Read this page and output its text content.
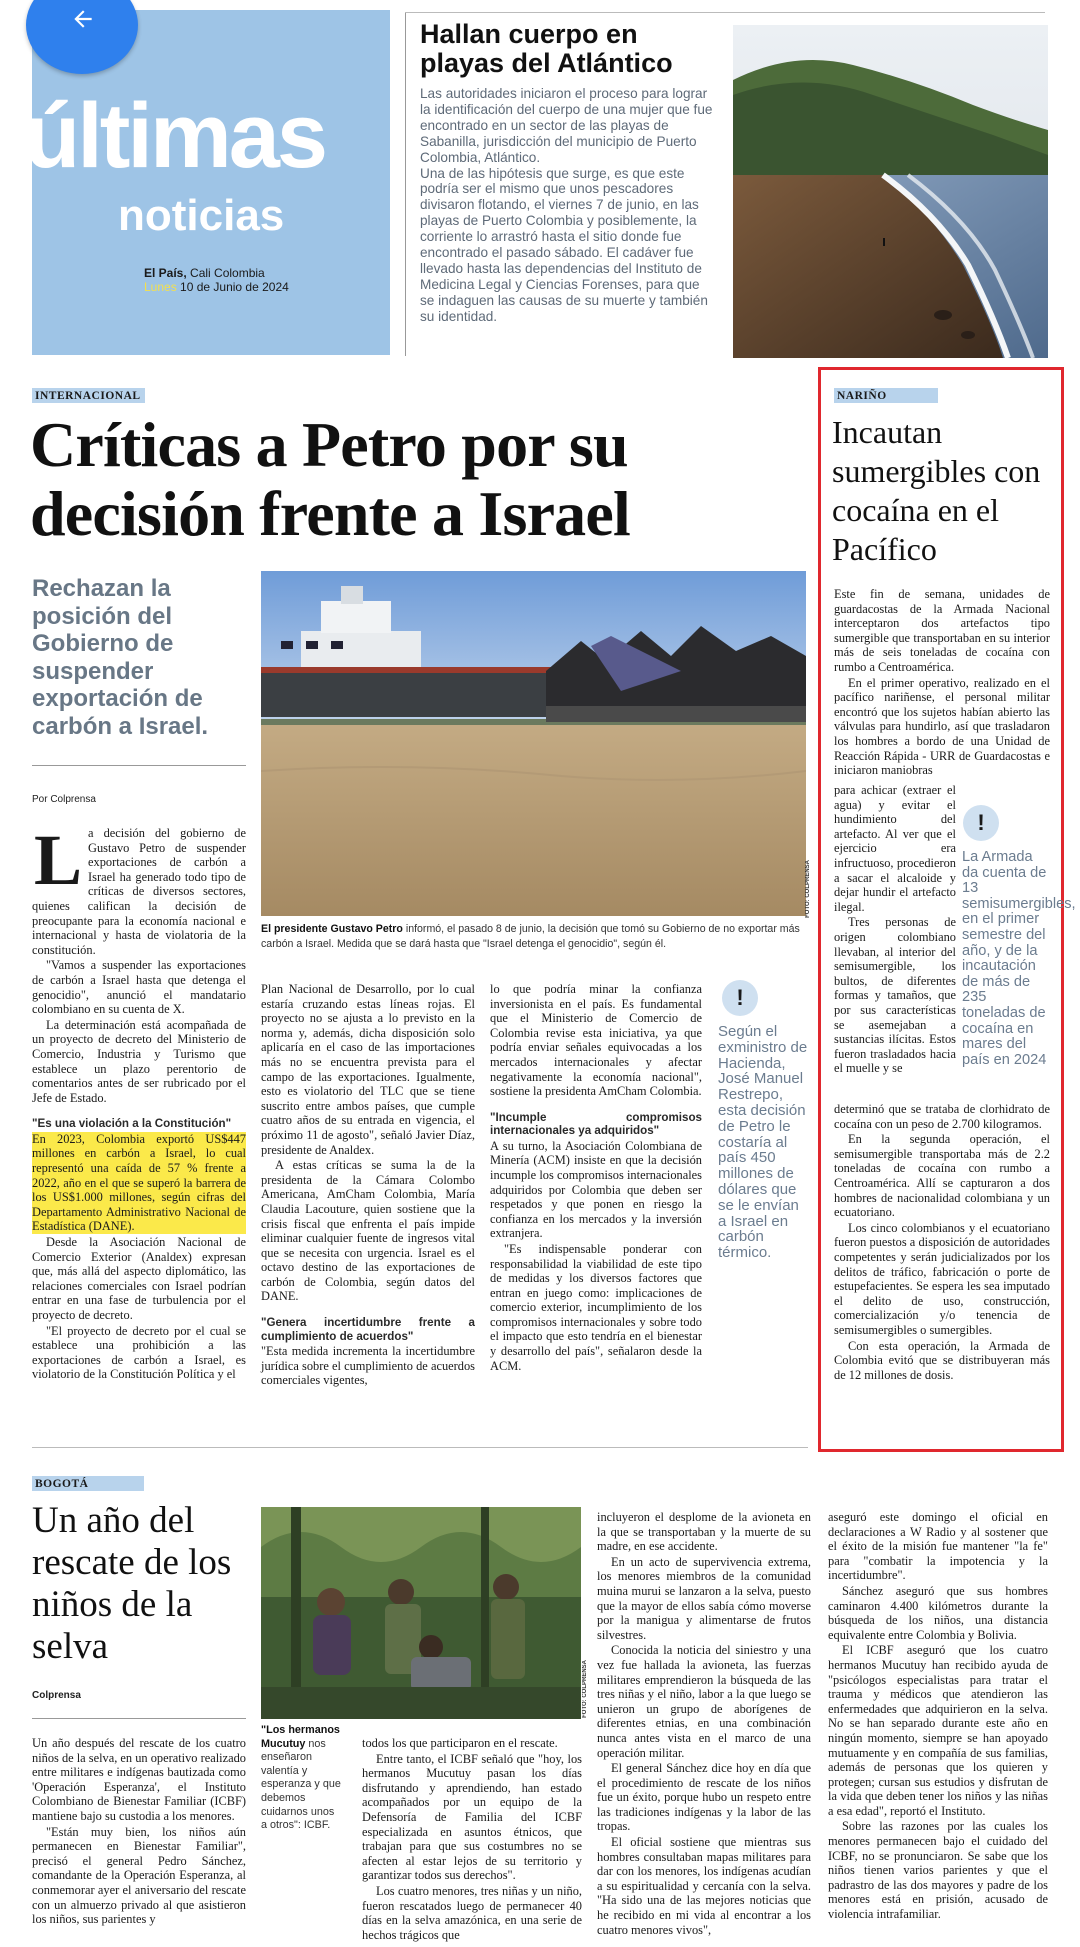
últimas
noticias
El País, Cali Colombia
Lunes 10 de Junio de 2024
Hallan cuerpo en playas del Atlántico
Las autoridades iniciaron el proceso para lograr la identificación del cuerpo de una mujer que fue encontrado en un sector de las playas de Sabanilla, jurisdicción del municipio de Puerto Colombia, Atlántico.
Una de las hipótesis que surge, es que este podría ser el mismo que unos pescadores divisaron flotando, el viernes 7 de junio, en las playas de Puerto Colombia y posiblemente, la corriente lo arrastró hasta el sitio donde fue encontrado el pasado sábado. El cadáver fue llevado hasta las dependencias del Instituto de Medicina Legal y Ciencias Forenses, para que se indaguen las causas de su muerte y también su identidad.
INTERNACIONAL
Críticas a Petro por su decisión frente a Israel
Rechazan la posición del Gobierno de suspender exportación de carbón a Israel.
Por Colprensa
FOTO: COLPRENSA
El presidente Gustavo Petro informó, el pasado 8 de junio, la decisión que tomó su Gobierno de no exportar más carbón a Israel. Medida que se dará hasta que "Israel detenga el genocidio", según él.
L a decisión del gobierno de Gustavo Petro de suspender exportaciones de carbón a Israel ha generado todo tipo de críticas de diversos sectores, quienes califican la decisión de preocupante para la economía nacional e internacional y hasta de violatoria de la constitución.

"Vamos a suspender las exportaciones de carbón a Israel hasta que detenga el genocidio", anunció el mandatario colombiano en su cuenta de X.

La determinación está acompañada de un proyecto de decreto del Ministerio de Comercio, Industria y Turismo que establece un plazo perentorio de comentarios antes de ser rubricado por el Jefe de Estado.

"Es una violación a la Constitución"

En 2023, Colombia exportó US$447 millones en carbón a Israel, lo cual representó una caída de 57 % frente a 2022, año en el que se superó la barrera de los US$1.000 millones, según cifras del Departamento Administrativo Nacional de Estadística (DANE).

Desde la Asociación Nacional de Comercio Exterior (Analdex) expresan que, más allá del aspecto diplomático, las relaciones comerciales con Israel podrían entrar en una fase de turbulencia por el proyecto de decreto.

"El proyecto de decreto por el cual se establece una prohibición a las exportaciones de carbón a Israel, es violatorio de la Constitución Política y el

Plan Nacional de Desarrollo, por lo cual estaría cruzando estas líneas rojas. El proyecto no se ajusta a lo previsto en la norma y, además, dicha disposición solo aplicaría en el caso de las importaciones más no se encuentra prevista para el campo de las exportaciones. Igualmente, esto es violatorio del TLC que se tiene suscrito entre ambos países, que cumple cuatro años de su entrada en vigencia, el próximo 11 de agosto", señaló Javier Díaz, presidente de Analdex.

A estas críticas se suma la de la presidenta de la Cámara Colombo Americana, AmCham Colombia, María Claudia Lacouture, quien sostiene que la crisis fiscal que enfrenta el país impide eliminar cualquier fuente de ingresos vital que se necesita con urgencia. Israel es el octavo destino de las exportaciones de carbón de Colombia, según datos del DANE.

"Genera incertidumbre frente a cumplimiento de acuerdos"

"Esta medida incrementa la incertidumbre jurídica sobre el cumplimiento de acuerdos comerciales vigentes,

lo que podría minar la confianza inversionista en el país. Es fundamental que el Ministerio de Comercio de Colombia revise esta iniciativa, ya que podría enviar señales equivocadas a los mercados internacionales y afectar negativamente la economía nacional", sostiene la presidenta AmCham Colombia.

"Incumple compromisos internacionales ya adquiridos"

A su turno, la Asociación Colombiana de Minería (ACM) insiste en que la decisión incumple los compromisos internacionales adquiridos por Colombia que deben ser respetados y que ponen en riesgo la confianza en los mercados y la inversión extranjera.

"Es indispensable ponderar con responsabilidad la viabilidad de este tipo de medidas y los diversos factores que entran en juego como: implicaciones de comercio exterior, incumplimiento de los compromisos internacionales y sobre todo el impacto que esto tendría en el bienestar y desarrollo del país", señalaron desde la ACM.

!
Según el exministro de Hacienda, José Manuel Restrepo, esta decisión de Petro le costaría al país 450 millones de dólares que se le envían a Israel en carbón térmico.
NARIÑO
Incautan sumergibles con cocaína en el Pacífico

Este fin de semana, unidades de guardacostas de la Armada Nacional interceptaron dos artefactos tipo sumergible que transportaban en su interior más de seis toneladas de cocaína con rumbo a Centroamérica.

En el primer operativo, realizado en el pacífico nariñense, el personal militar encontró que los sujetos habían abierto las válvulas para hundirlo, así que trasladaron los hombres a bordo de una Unidad de Reacción Rápida - URR de Guardacostas e iniciaron maniobras

para achicar (extraer el agua) y evitar el hundimiento del artefacto. Al ver que el ejercicio era infructuoso, procedieron a sacar el alcaloide y dejar hundir el artefacto ilegal.

Tres personas de origen colombiano llevaban, al interior del semisumergible, los bultos, de diferentes formas y tamaños, que por sus características se asemejaban a sustancias ilícitas. Estos fueron trasladados hacia el muelle y se

!
La Armada da cuenta de 13 semisumergibles, en el primer semestre del año, y de la incautación de más de 235 toneladas de cocaína en mares del país en 2024

determinó que se trataba de clorhidrato de cocaína con un peso de 2.700 kilogramos.

En la segunda operación, el semisumergible transportaba más de 2.2 toneladas de cocaína con rumbo a Centroamérica. Allí se capturaron a dos hombres de nacionalidad colombiana y un ecuatoriano.

Los cinco colombianos y el ecuatoriano fueron puestos a disposición de autoridades competentes y serán judicializados por los delitos de tráfico, fabricación o porte de estupefacientes. Se espera les sea imputado el delito de uso, construcción, comercialización y/o tenencia de semisumergibles o sumergibles.

Con esta operación, la Armada de Colombia evitó que se distribuyeran más de 12 millones de dosis.

BOGOTÁ
Un año del rescate de los niños de la selva
Colprensa	FOTO: COLPRENSA
"Los hermanos Mucutuy nos enseñaron valentía y esperanza y que debemos cuidarnos unos a otros": ICBF.

Un año después del rescate de los cuatro niños de la selva, en un operativo realizado entre militares e indígenas bautizada como 'Operación Esperanza', el Instituto Colombiano de Bienestar Familiar (ICBF) mantiene bajo su custodia a los menores.

"Están muy bien, los niños aún permanecen en Bienestar Familiar", precisó el general Pedro Sánchez, comandante de la Operación Esperanza, al conmemorar ayer el aniversario del rescate con un almuerzo privado al que asistieron los niños, sus parientes y

todos los que participaron en el rescate.

Entre tanto, el ICBF señaló que "hoy, los hermanos Mucutuy pasan los días disfrutando y aprendiendo, han estado acompañados por un equipo de la Defensoría de Familia del ICBF especializada en asuntos étnicos, que trabajan para que sus costumbres no se afecten al estar lejos de su territorio y garantizar todos sus derechos".

Los cuatro menores, tres niñas y un niño, fueron rescatados luego de permanecer 40 días en la selva amazónica, en una serie de hechos trágicos que

incluyeron el desplome de la avioneta en la que se transportaban y la muerte de su madre, en ese accidente.

En un acto de supervivencia extrema, los menores miembros de la comunidad muina murui se lanzaron a la selva, puesto que la mayor de ellos sabía cómo moverse por la manigua y alimentarse de frutos silvestres.

Conocida la noticia del siniestro y una vez fue hallada la avioneta, las fuerzas militares emprendieron la búsqueda de las tres niñas y el niño, labor a la que luego se unieron un grupo de aborígenes de diferentes etnias, en una combinación nunca antes vista en el marco de una operación militar.

El general Sánchez dice hoy en día que el procedimiento de rescate de los niños fue un éxito, porque hubo un respeto entre las tradiciones indígenas y la labor de las tropas.

El oficial sostiene que mientras sus hombres consultaban mapas militares para dar con los menores, los indígenas acudían a su espiritualidad y cercanía con la selva. "Ha sido una de las mejores noticias que he recibido en mi vida al encontrar a los cuatro menores vivos",

aseguró este domingo el oficial en declaraciones a W Radio y al sostener que el éxito de la misión fue mantener "la fe" para "combatir la impotencia y la incertidumbre".

Sánchez aseguró que sus hombres caminaron 4.400 kilómetros durante la búsqueda de los niños, una distancia equivalente entre Colombia y Bolivia.

El ICBF aseguró que los cuatro hermanos Mucutuy han recibido ayuda de "psicólogos especialistas para tratar el trauma y médicos que atendieron las enfermedades que adquirieron en la selva. No se han separado durante este año en ningún momento, siempre se han apoyado mutuamente y en compañía de sus familias, además de personas que los quieren y protegen; cursan sus estudios y disfrutan de la vida que deben tener los niños y las niñas a esa edad", reportó el Instituto.

Sobre las razones por las cuales los menores permanecen bajo el cuidado del ICBF, no se pronunciaron. Se sabe que los niños tienen varios parientes y que el padrastro de las dos mayores y padre de los menores está en prisión, acusado de violencia intrafamiliar.
